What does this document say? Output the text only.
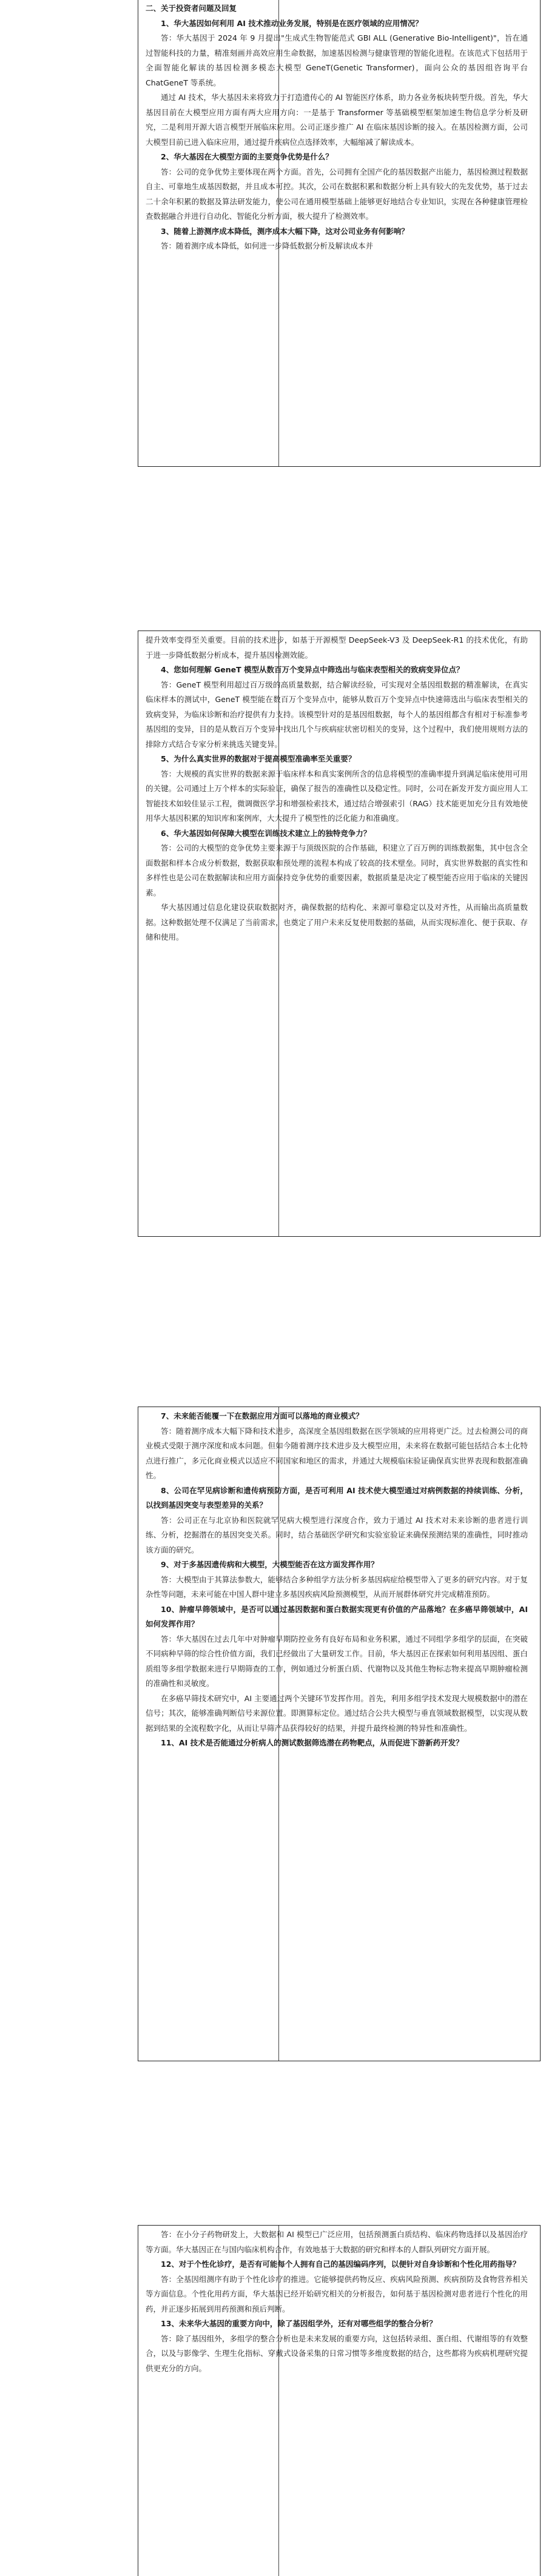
二、关于投资者问题及回复

1、华大基因如何利用 AI 技术推动业务发展，特别是在医疗领域的应用情况？

答：华大基因于 2024 年 9 月提出"生成式生物智能范式 GBI ALL (Generative Bio-Intelligent)"，旨在通过智能科技的力量，精准刻画并高效应用生命数据，加速基因检测与健康管理的智能化进程。在该范式下包括用于全面智能化解读的基因检测多模态大模型 GeneT(Genetic Transformer)，面向公众的基因组咨询平台 ChatGeneT 等系统。

通过 AI 技术，华大基因未来将致力于打造遗传心的 AI 智能医疗体系，助力各业务板块转型升级。首先，华大基因目前在大模型应用方面有两大应用方向：一是基于 Transformer 等基础模型框架加速生物信息学分析及研究，二是利用开源大语言模型开展临床应用。公司正逐步推广 AI 在临床基因诊断的接入。在基因检测方面，公司大模型目前已进入临床应用，通过提升疾病位点选择效率，大幅缩减了解读成本。

2、华大基因在大模型方面的主要竞争优势是什么？

答：公司的竞争优势主要体现在两个方面。首先，公司拥有全国产化的基因数据产出能力，基因检测过程数据自主、可靠地生成基因数据，并且成本可控。其次，公司在数据积累和数据分析上具有较大的先发优势，基于过去二十余年积累的数据及算法研发能力，使公司在通用模型基础上能够更好地结合专业知识，实现在各种健康管理检查数据融合并进行自动化、智能化分析方面，极大提升了检测效率。

3、随着上游测序成本降低，测序成本大幅下降，这对公司业务有何影响？

答：随着测序成本降低，如何进一步降低数据分析及解读成本并

提升效率变得至关重要。目前的技术进步，如基于开源模型 DeepSeek-V3 及 DeepSeek-R1 的技术优化，有助于进一步降低数据分析成本，提升基因检测效能。

4、您如何理解 GeneT 模型从数百万个变异点中筛选出与临床表型相关的致病变异位点？

答：GeneT 模型利用超过百万级的高质量数据，结合解读经验，可实现对全基因组数据的精准解读，在真实临床样本的测试中，GeneT 模型能在数百万个变异点中，能够从数百万个变异点中快速筛选出与临床表型相关的致病变异，为临床诊断和治疗提供有力支持。该模型针对的是基因组数据，每个人的基因组都含有相对于标准参考基因组的变异，目的是从数百万个变异中找出几个与疾病症状密切相关的变异，这个过程中，我们使用规则方法的排除方式结合专家分析来挑选关键变异。

5、为什么真实世界的数据对于提高模型准确率至关重要？

答：大规模的真实世界的数据来源于临床样本和真实案例所含的信息将模型的准确率提升到满足临床使用可用的关键。公司通过上万个样本的实际验证，确保了报告的准确性以及稳定性。同时，公司在新发开发方面应用人工智能技术如较佳显示工程，微调微医学习和增强检索技术，通过结合增强索引（RAG）技术能更加充分且有效地使用华大基因积累的知识库和案例库，大大提升了模型性的泛化能力和准确度。

6、华大基因如何保障大模型在训练技术建立上的独特竞争力？

答：公司的大模型的竞争优势主要来源于与顶级医院的合作基础，积建立了百万例的训练数据集，其中包含全面数据和样本合成分析数据，数据获取和预处理的流程本构成了较高的技术壁垒。同时，真实世界数据的真实性和多样性也是公司在数据解读和应用方面保持竞争优势的重要因素，数据质量是决定了模型能否应用于临床的关键因素。

华大基因通过信息化建设获取数据对齐，确保数据的结构化、来源可靠稳定以及对齐性，从而输出高质量数据。这种数据处理不仅满足了当前需求，也奠定了用户未来反复使用数据的基础，从而实现标准化、便于获取、存储和使用。

7、未来能否能覆一下在数据应用方面可以落地的商业模式？

答：随着测序成本大幅下降和技术进步，高深度全基因组数据在医学领域的应用将更广泛。过去检测公司的商业模式受限于测序深度和成本问题。但如今随着测序技术进步及大模型应用，未来将在数据可能包括结合本土化特点进行推广，多元化商业模式以适应不同国家和地区的需求，并通过大规模临床验证确保真实世界表现和数据准确性。

8、公司在罕见病诊断和遗传病预防方面，是否可利用 AI 技术使大模型通过对病例数据的持续训练、分析，以找到基因突变与表型差异的关系？

答：公司正在与北京协和医院就罕见病大模型进行深度合作，致力于通过 AI 技术对未来诊断的患者进行训练、分析，挖掘潜在的基因突变关系。同时，结合基础医学研究和实验室验证来确保预测结果的准确性，同时推动该方面的研究。

9、对于多基因遗传病和大模型，大模型能否在这方面发挥作用？

答：大模型由于其算法参数大，能够结合多种组学方法分析多基因病症给模型带入了更多的研究内容。对于复杂性等问题，未来可能在中国人群中建立多基因疾病风险预测模型，从而开展群体研究并完成精准预防。

10、肿瘤早筛领域中，是否可以通过基因数据和蛋白数据实现更有价值的产品落地？在多癌早筛领域中，AI 如何发挥作用？

答：华大基因在过去几年中对肿瘤早期防控业务有良好布局和业务积累，通过不同组学多组学的层面，在突破不同病种早筛的综合性价值方面，我们已经做出了大量研发工作。目前，华大基因正在探索如何利用基因组、蛋白质组等多组学数据来进行早期筛查的工作，例如通过分析蛋白质、代谢物以及其他生物标志物来提高早期肿瘤检测的准确性和灵敏度。

在多癌早筛技术研究中，AI 主要通过两个关键环节发挥作用。首先，利用多组学技术发现大规模数据中的潜在信号；其次，能够准确判断信号来源位置。即测算标定位。通过结合公共大模型与垂直领域数据模型，以实现从数据到结果的全流程数字化，从而让早筛产品获得较好的结果，并提升最终检测的特异性和准确性。

11、AI 技术是否能通过分析病人的测试数据筛选潜在药物靶点，从而促进下游新药开发？

答：在小分子药物研发上，大数据和 AI 模型已广泛应用，包括预测蛋白质结构、临床药物选择以及基因治疗等方面。华大基因正在与国内临床机构合作，有效地基于大数据的研究和样本的人群队列研究方面开展。

12、对于个性化诊疗，是否有可能每个人拥有自己的基因编码序列，以便针对自身诊断和个性化用药指导？

答：全基因组测序有助于个性化诊疗的推进。它能够提供药物反应、疾病风险预测、疾病预防及食物营养相关等方面信息。个性化用药方面，华大基因已经开始研究相关的分析报告，如何基于基因检测对患者进行个性化的用药，并正逐步拓展到用药预测和预后判断。

13、未来华大基因的重要方向中，除了基因组学外，还有对哪些组学的整合分析？

答：除了基因组外，多组学的整合分析也是未来发展的重要方向，这包括转录组、蛋白组、代谢组等的有效整合，以及与影像学、生理生化指标、穿戴式设备采集的日常习惯等多维度数据的结合，这些都将为疾病机理研究提供更充分的方向。
